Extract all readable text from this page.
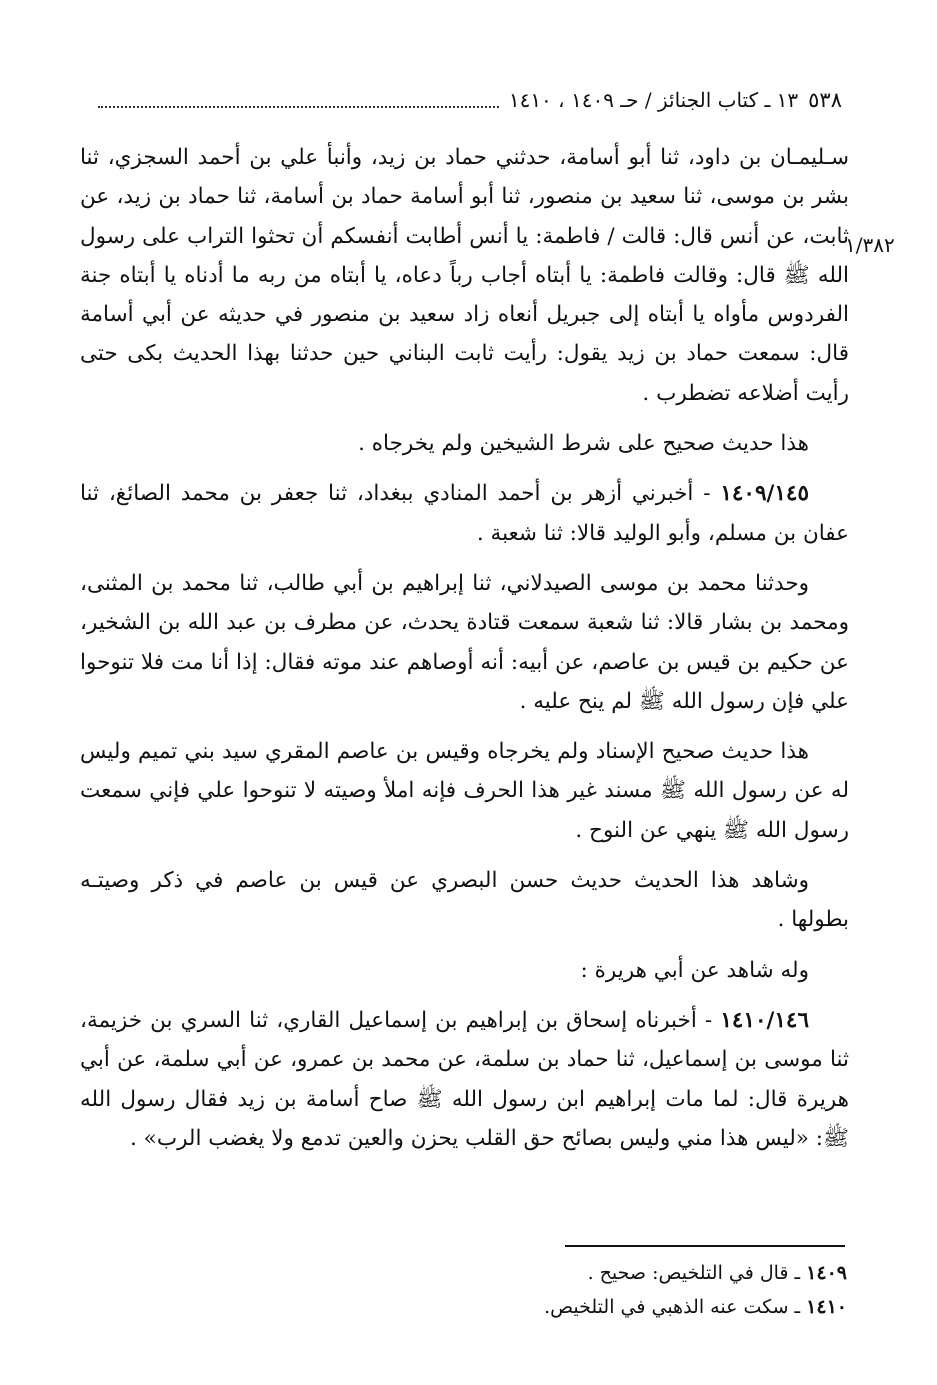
٥٣٨
١٣ ـ كتاب الجنائز / حـ ١٤٠٩ ، ١٤١٠
١/٣٨٢

سـليمـان بن داود، ثنا أبو أسامة، حدثني حماد بن زيد، وأنبأ علي بن أحمد السجزي، ثنا بشر بن موسى، ثنا سعيد بن منصور، ثنا أبو أسامة حماد بن أسامة، ثنا حماد بن زيد، عن ثابت، عن أنس قال: قالت / فاطمة: يا أنس أطابت أنفسكم أن تحثوا التراب على رسول الله ﷺ قال: وقالت فاطمة: يا أبتاه أجاب رباً دعاه، يا أبتاه من ربه ما أدناه يا أبتاه جنة الفردوس مأواه يا أبتاه إلى جبريل أنعاه زاد سعيد بن منصور في حديثه عن أبي أسامة قال: سمعت حماد بن زيد يقول: رأيت ثابت البناني حين حدثنا بهذا الحديث بكى حتى رأيت أضلاعه تضطرب .

هذا حديث صحيح على شرط الشيخين ولم يخرجاه .

١٤٠٩/١٤٥ - أخبرني أزهر بن أحمد المنادي ببغداد، ثنا جعفر بن محمد الصائغ، ثنا عفان بن مسلم، وأبو الوليد قالا: ثنا شعبة .

وحدثنا محمد بن موسى الصيدلاني، ثنا إبراهيم بن أبي طالب، ثنا محمد بن المثنى، ومحمد بن بشار قالا: ثنا شعبة سمعت قتادة يحدث، عن مطرف بن عبد الله بن الشخير، عن حكيم بن قيس بن عاصم، عن أبيه: أنه أوصاهم عند موته فقال: إذا أنا مت فلا تنوحوا علي فإن رسول الله ﷺ لم ينح عليه .

هذا حديث صحيح الإسناد ولم يخرجاه وقيس بن عاصم المقري سيد بني تميم وليس له عن رسول الله ﷺ مسند غير هذا الحرف فإنه املأ وصيته لا تنوحوا علي فإني سمعت رسول الله ﷺ ينهي عن النوح .

وشاهد هذا الحديث حديث حسن البصري عن قيس بن عاصم في ذكر وصيتـه بطولها .

وله شاهد عن أبي هريرة :

١٤١٠/١٤٦ - أخبرناه إسحاق بن إبراهيم بن إسماعيل القاري، ثنا السري بن خزيمة، ثنا موسى بن إسماعيل، ثنا حماد بن سلمة، عن محمد بن عمرو، عن أبي سلمة، عن أبي هريرة قال: لما مات إبراهيم ابن رسول الله ﷺ صاح أسامة بن زيد فقال رسول الله ﷺ: «ليس هذا مني وليس بصائح حق القلب يحزن والعين تدمع ولا يغضب الرب» .

١٤٠٩ ـ قال في التلخيص: صحيح .

١٤١٠ ـ سكت عنه الذهبي في التلخيص.
